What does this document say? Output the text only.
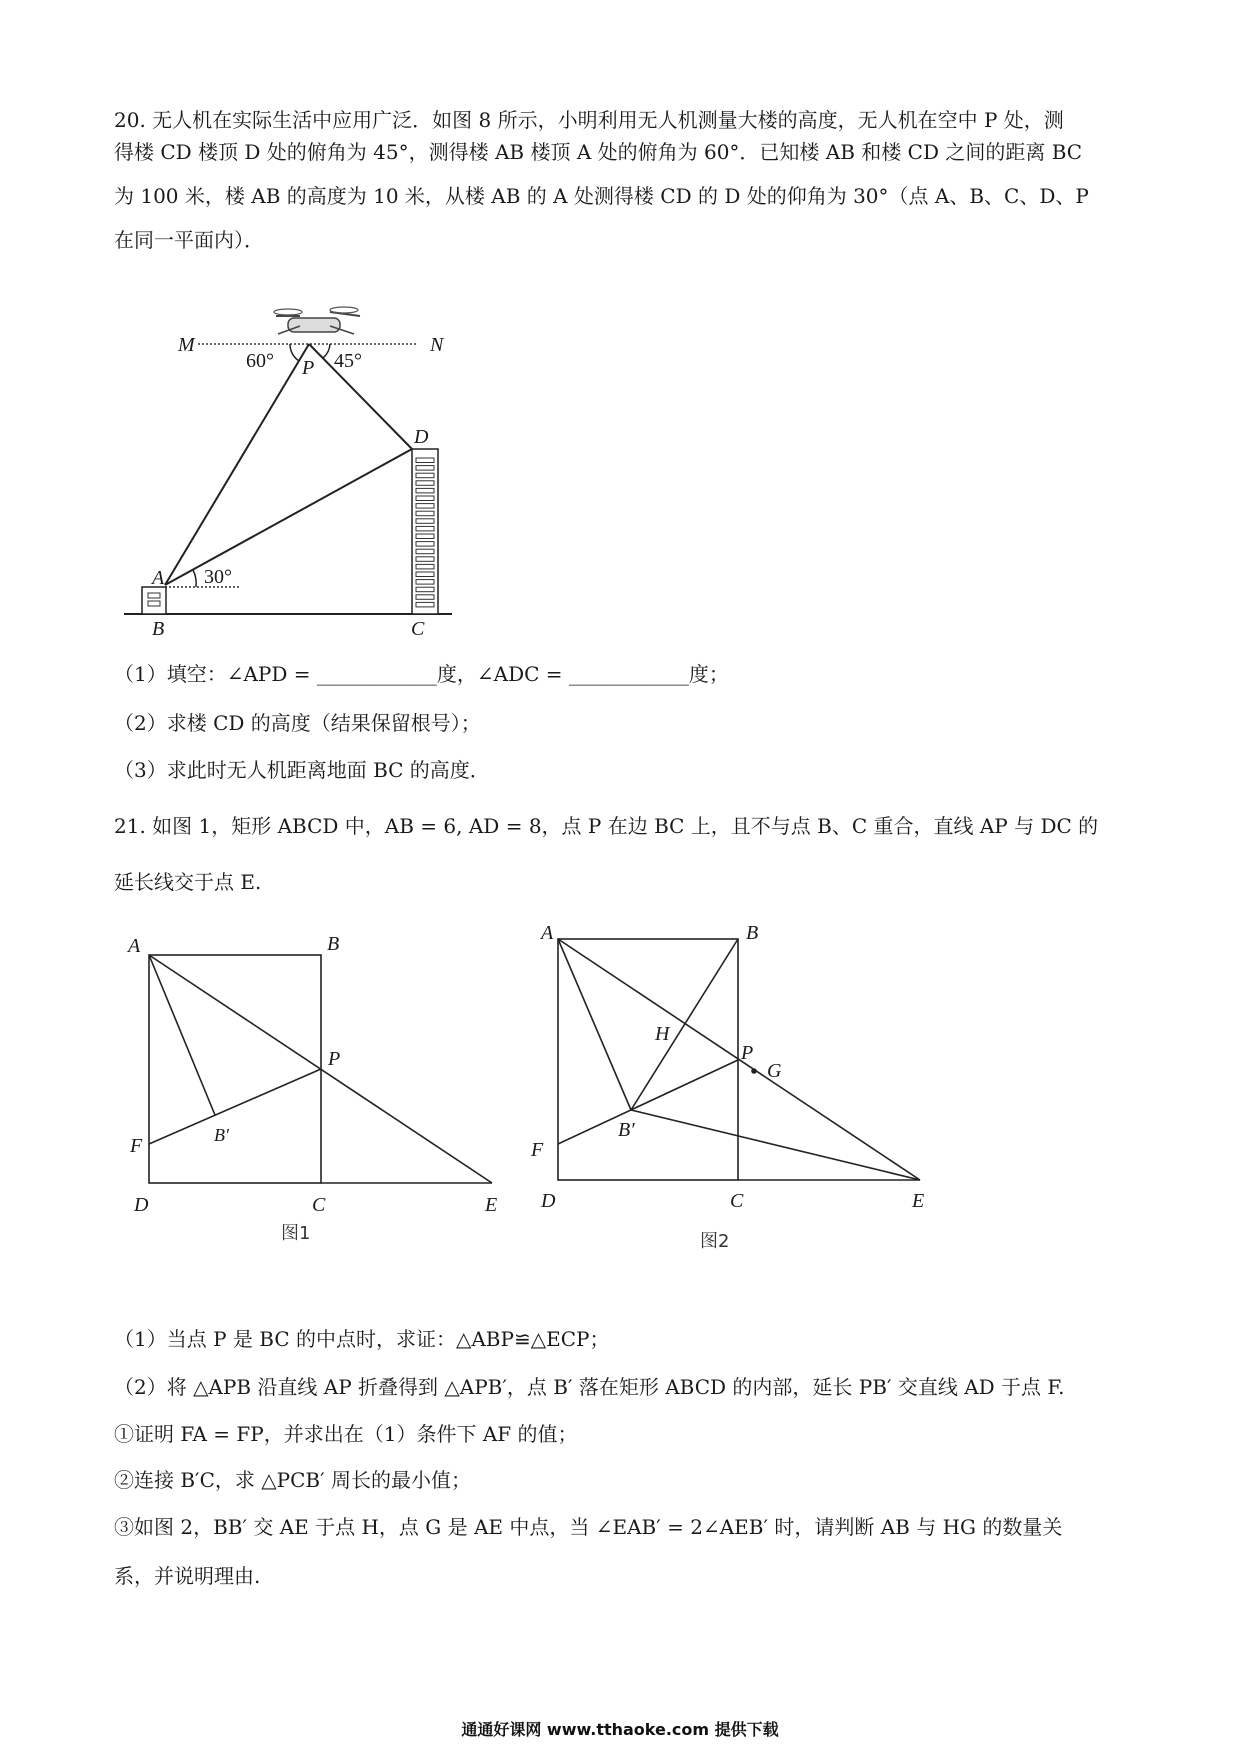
20. 无人机在实际生活中应用广泛．如图 8 所示，小明利用无人机测量大楼的高度，无人机在空中 P 处，测
得楼 CD 楼顶 D 处的俯角为 45°，测得楼 AB 楼顶 A 处的俯角为 60°．已知楼 AB 和楼 CD 之间的距离 BC
为 100 米，楼 AB 的高度为 10 米，从楼 AB 的 A 处测得楼 CD 的 D 处的仰角为 30°（点 A、B、C、D、P
在同一平面内）．
M	N
P
D
A
B	C
60°	45°
30°
（1）填空：∠APD = ____________度，∠ADC = ____________度；
（2）求楼 CD 的高度（结果保留根号）；
（3）求此时无人机距离地面 BC 的高度．
21. 如图 1，矩形 ABCD 中，AB = 6, AD = 8，点 P 在边 BC 上，且不与点 B、C 重合，直线 AP 与 DC 的
延长线交于点 E.
A	B
P
F	B′
D	C	E
图1
A	B
H
P
G
F
B′
D	C	E
图2
（1）当点 P 是 BC 的中点时，求证：△ABP≌△ECP；
（2）将 △APB 沿直线 AP 折叠得到 △APB′，点 B′ 落在矩形 ABCD 的内部，延长 PB′ 交直线 AD 于点 F.
①证明 FA = FP，并求出在（1）条件下 AF 的值；
②连接 B′C，求 △PCB′ 周长的最小值；
③如图 2，BB′ 交 AE 于点 H，点 G 是 AE 中点，当 ∠EAB′ = 2∠AEB′ 时，请判断 AB 与 HG 的数量关
系，并说明理由.
通通好课网 www.tthaoke.com 提供下载
